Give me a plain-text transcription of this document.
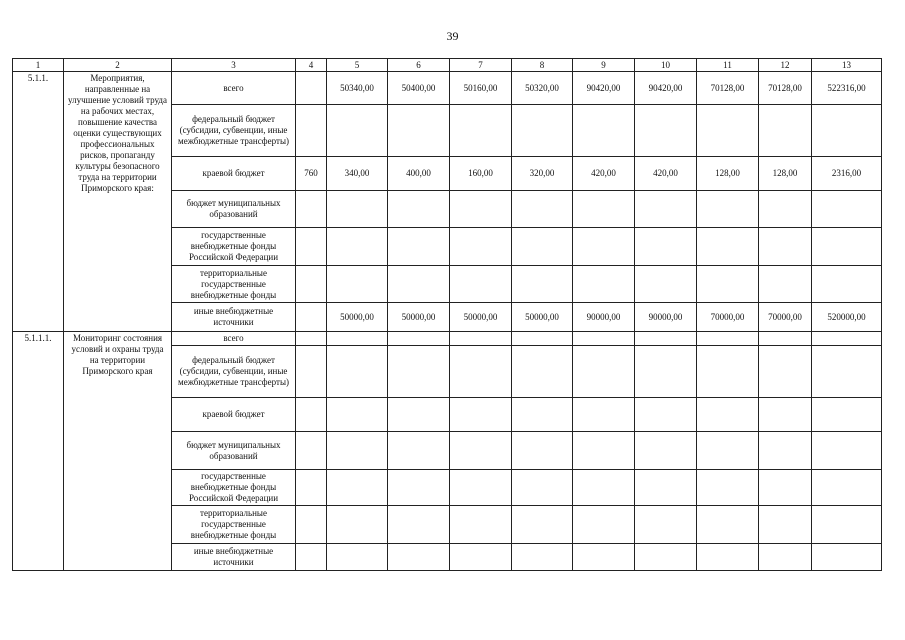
39
1	2	3	4	5	6	7	8	9	10	11	12	13
5.1.1.	Мероприятия, направленные на улучшение условий труда на рабочих местах, повышение качества оценки существующих профессиональных рисков, пропаганду культуры безопасного труда на территории Приморского края:	всего		50340,00	50400,00	50160,00	50320,00	90420,00	90420,00	70128,00	70128,00	522316,00
		федеральный бюджет (субсидии, субвенции, иные межбюджетные трансферты)										
		краевой бюджет	760	340,00	400,00	160,00	320,00	420,00	420,00	128,00	128,00	2316,00
		бюджет муниципальных образований										
		государственные внебюджетные фонды Российской Федерации										
		территориальные государственные внебюджетные фонды										
		иные внебюджетные источники		50000,00	50000,00	50000,00	50000,00	90000,00	90000,00	70000,00	70000,00	520000,00
5.1.1.1.	Мониторинг состояния условий и охраны труда на территории Приморского края	всего										
		федеральный бюджет (субсидии, субвенции, иные межбюджетные трансферты)										
		краевой бюджет										
		бюджет муниципальных образований										
		государственные внебюджетные фонды Российской Федерации										
		территориальные государственные внебюджетные фонды										
		иные внебюджетные источники										
